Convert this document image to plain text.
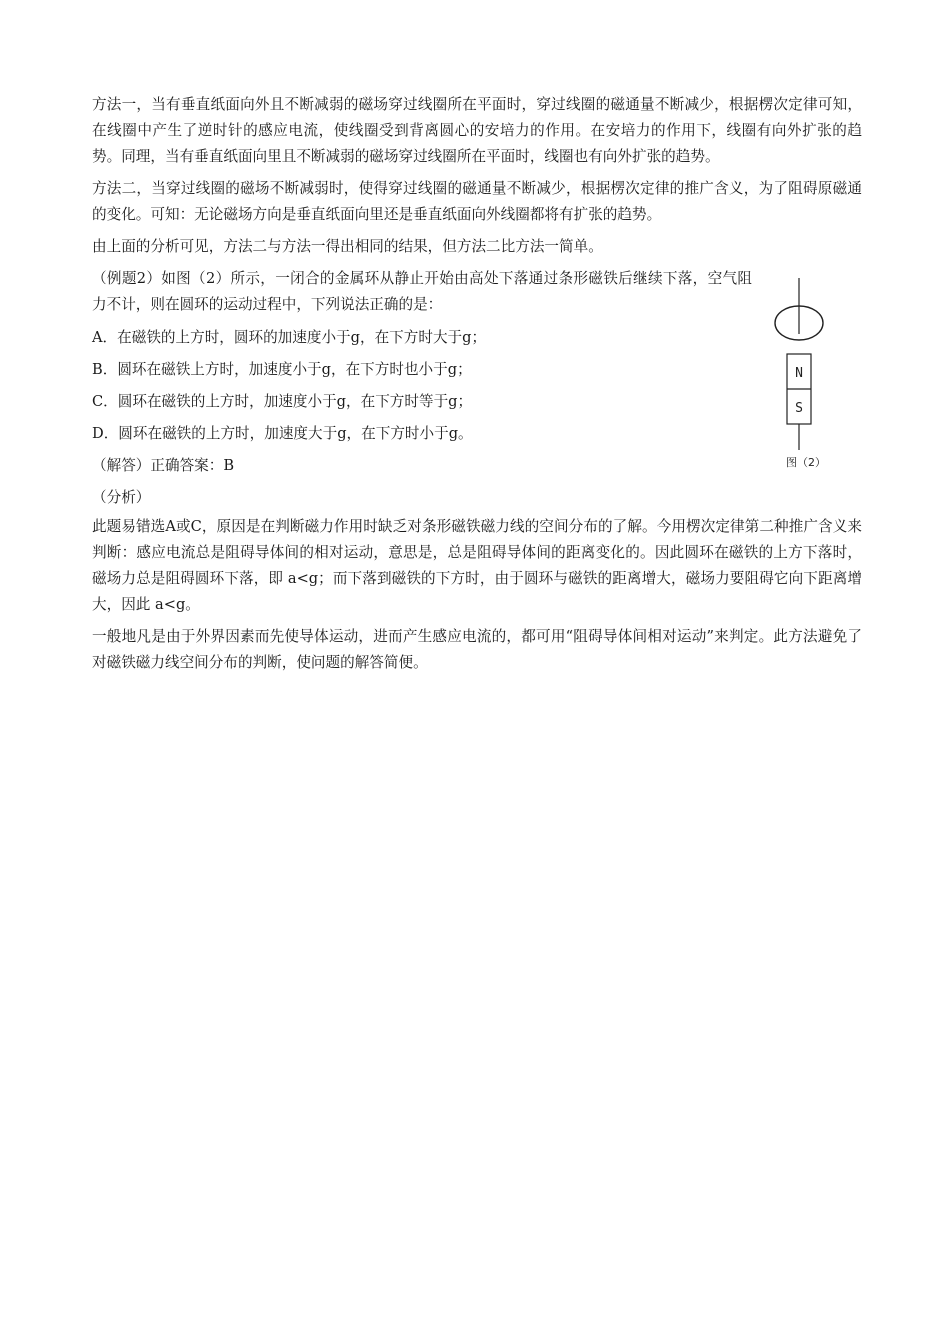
方法一，当有垂直纸面向外且不断减弱的磁场穿过线圈所在平面时，穿过线圈的磁通量不断减少，根据楞次定律可知，在线圈中产生了逆时针的感应电流，使线圈受到背离圆心的安培力的作用。在安培力的作用下，线圈有向外扩张的趋势。同理，当有垂直纸面向里且不断减弱的磁场穿过线圈所在平面时，线圈也有向外扩张的趋势。

方法二，当穿过线圈的磁场不断减弱时，使得穿过线圈的磁通量不断减少，根据楞次定律的推广含义，为了阻碍原磁通的变化。可知：无论磁场方向是垂直纸面向里还是垂直纸面向外线圈都将有扩张的趋势。

由上面的分析可见，方法二与方法一得出相同的结果，但方法二比方法一简单。

（例题2）如图（2）所示，一闭合的金属环从静止开始由高处下落通过条形磁铁后继续下落，空气阻力不计，则在圆环的运动过程中，下列说法正确的是：

A．在磁铁的上方时，圆环的加速度小于g，在下方时大于g；

B．圆环在磁铁上方时，加速度小于g，在下方时也小于g；

C．圆环在磁铁的上方时，加速度小于g，在下方时等于g；

D．圆环在磁铁的上方时，加速度大于g，在下方时小于g。

（解答）正确答案：B

（分析）

N
S
图（2）

此题易错选A或C，原因是在判断磁力作用时缺乏对条形磁铁磁力线的空间分布的了解。今用楞次定律第二种推广含义来判断：感应电流总是阻碍导体间的相对运动，意思是，总是阻碍导体间的距离变化的。因此圆环在磁铁的上方下落时，磁场力总是阻碍圆环下落，即 a<g；而下落到磁铁的下方时，由于圆环与磁铁的距离增大，磁场力要阻碍它向下距离增大，因此 a<g。

一般地凡是由于外界因素而先使导体运动，进而产生感应电流的，都可用“阻碍导体间相对运动”来判定。此方法避免了对磁铁磁力线空间分布的判断，使问题的解答简便。
